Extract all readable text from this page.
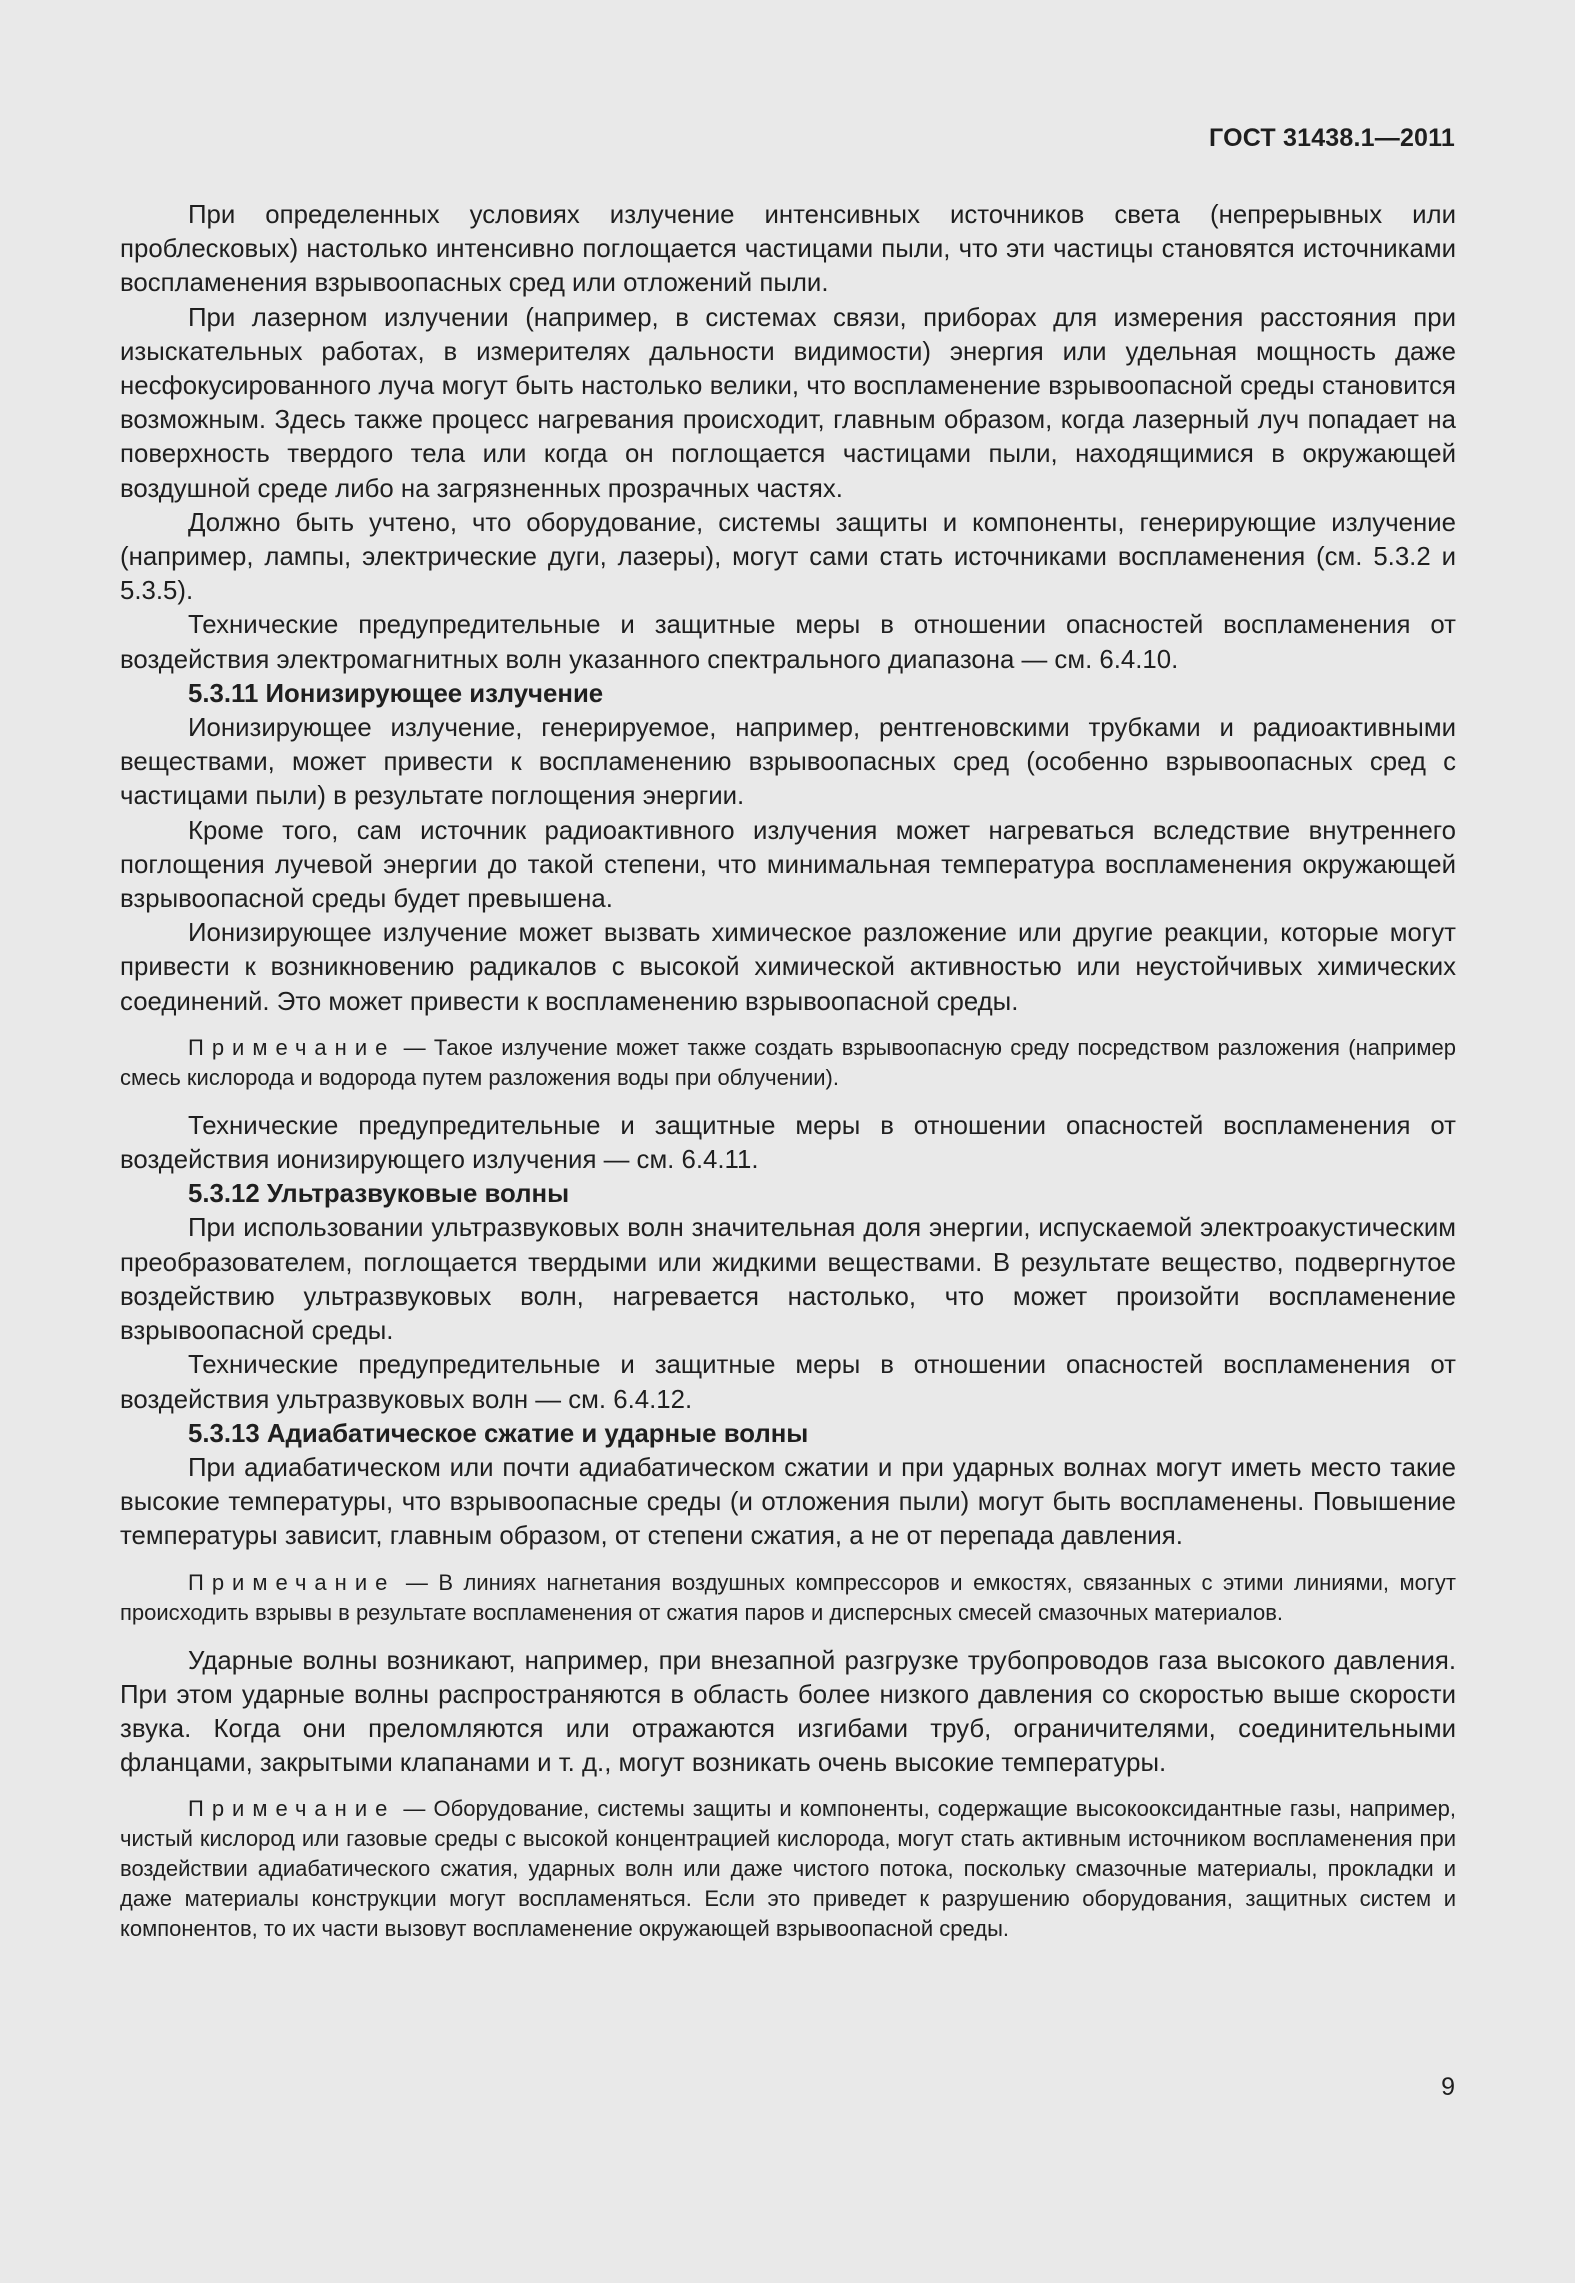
ГОСТ 31438.1—2011

При определенных условиях излучение интенсивных источников света (непрерывных или проблесковых) настолько интенсивно поглощается частицами пыли, что эти частицы становятся источниками воспламенения взрывоопасных сред или отложений пыли.

При лазерном излучении (например, в системах связи, приборах для измерения расстояния при изыскательных работах, в измерителях дальности видимости) энергия или удельная мощность даже несфокусированного луча могут быть настолько велики, что воспламенение взрывоопасной среды становится возможным. Здесь также процесс нагревания происходит, главным образом, когда лазерный луч попадает на поверхность твердого тела или когда он поглощается частицами пыли, находящимися в окружающей воздушной среде либо на загрязненных прозрачных частях.

Должно быть учтено, что оборудование, системы защиты и компоненты, генерирующие излучение (например, лампы, электрические дуги, лазеры), могут сами стать источниками воспламенения (см. 5.3.2 и 5.3.5).

Технические предупредительные и защитные меры в отношении опасностей воспламенения от воздействия электромагнитных волн указанного спектрального диапазона — см. 6.4.10.

5.3.11 Ионизирующее излучение

Ионизирующее излучение, генерируемое, например, рентгеновскими трубками и радиоактивными веществами, может привести к воспламенению взрывоопасных сред (особенно взрывоопасных сред с частицами пыли) в результате поглощения энергии.

Кроме того, сам источник радиоактивного излучения может нагреваться вследствие внутреннего поглощения лучевой энергии до такой степени, что минимальная температура воспламенения окружающей взрывоопасной среды будет превышена.

Ионизирующее излучение может вызвать химическое разложение или другие реакции, которые могут привести к возникновению радикалов с высокой химической активностью или неустойчивых химических соединений. Это может привести к воспламенению взрывоопасной среды.

Примечание — Такое излучение может также создать взрывоопасную среду посредством разложения (например смесь кислорода и водорода путем разложения воды при облучении).

Технические предупредительные и защитные меры в отношении опасностей воспламенения от воздействия ионизирующего излучения — см. 6.4.11.

5.3.12 Ультразвуковые волны

При использовании ультразвуковых волн значительная доля энергии, испускаемой электроакустическим преобразователем, поглощается твердыми или жидкими веществами. В результате вещество, подвергнутое воздействию ультразвуковых волн, нагревается настолько, что может произойти воспламенение взрывоопасной среды.

Технические предупредительные и защитные меры в отношении опасностей воспламенения от воздействия ультразвуковых волн — см. 6.4.12.

5.3.13 Адиабатическое сжатие и ударные волны

При адиабатическом или почти адиабатическом сжатии и при ударных волнах могут иметь место такие высокие температуры, что взрывоопасные среды (и отложения пыли) могут быть воспламенены. Повышение температуры зависит, главным образом, от степени сжатия, а не от перепада давления.

Примечание — В линиях нагнетания воздушных компрессоров и емкостях, связанных с этими линиями, могут происходить взрывы в результате воспламенения от сжатия паров и дисперсных смесей смазочных материалов.

Ударные волны возникают, например, при внезапной разгрузке трубопроводов газа высокого давления. При этом ударные волны распространяются в область более низкого давления со скоростью выше скорости звука. Когда они преломляются или отражаются изгибами труб, ограничителями, соединительными фланцами, закрытыми клапанами и т. д., могут возникать очень высокие температуры.

Примечание — Оборудование, системы защиты и компоненты, содержащие высокооксидантные газы, например, чистый кислород или газовые среды с высокой концентрацией кислорода, могут стать активным источником воспламенения при воздействии адиабатического сжатия, ударных волн или даже чистого потока, поскольку смазочные материалы, прокладки и даже материалы конструкции могут воспламеняться. Если это приведет к разрушению оборудования, защитных систем и компонентов, то их части вызовут воспламенение окружающей взрывоопасной среды.

9
